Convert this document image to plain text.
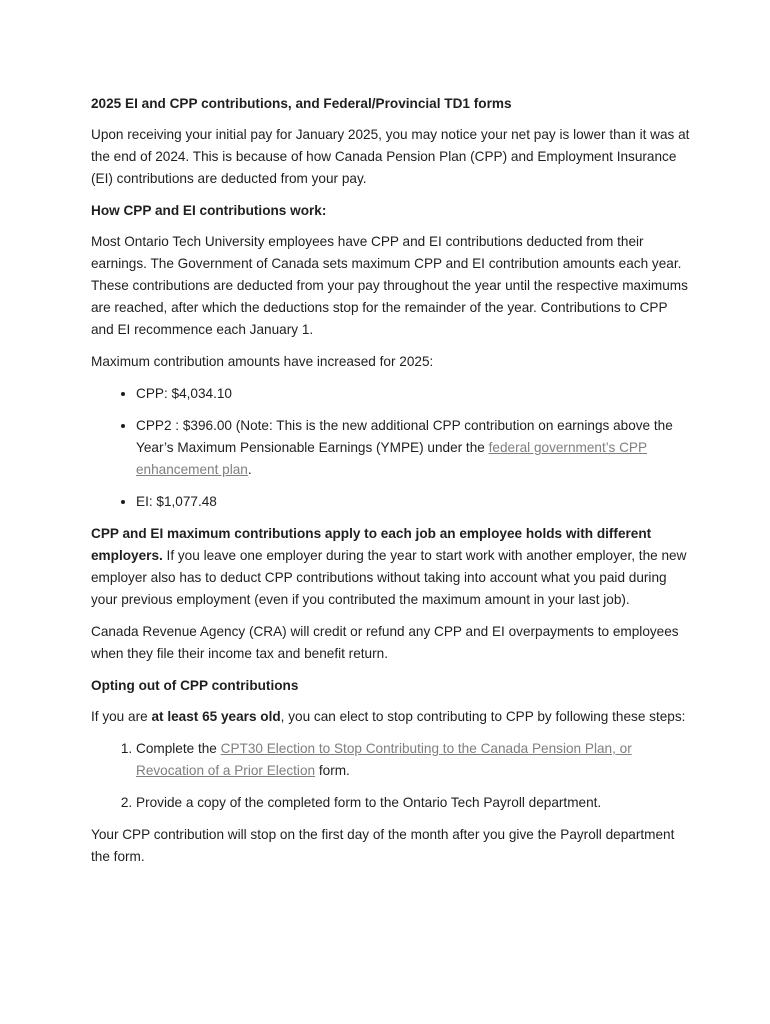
2025 EI and CPP contributions, and Federal/Provincial TD1 forms

Upon receiving your initial pay for January 2025, you may notice your net pay is lower than it was at the end of 2024. This is because of how Canada Pension Plan (CPP) and Employment Insurance (EI) contributions are deducted from your pay.

How CPP and EI contributions work:

Most Ontario Tech University employees have CPP and EI contributions deducted from their earnings. The Government of Canada sets maximum CPP and EI contribution amounts each year. These contributions are deducted from your pay throughout the year until the respective maximums are reached, after which the deductions stop for the remainder of the year. Contributions to CPP and EI recommence each January 1.

Maximum contribution amounts have increased for 2025:

• CPP: $4,034.10
• CPP2 : $396.00 (Note: This is the new additional CPP contribution on earnings above the Year’s Maximum Pensionable Earnings (YMPE) under the federal government’s CPP enhancement plan.
• EI: $1,077.48

CPP and EI maximum contributions apply to each job an employee holds with different employers. If you leave one employer during the year to start work with another employer, the new employer also has to deduct CPP contributions without taking into account what you paid during your previous employment (even if you contributed the maximum amount in your last job).

Canada Revenue Agency (CRA) will credit or refund any CPP and EI overpayments to employees when they file their income tax and benefit return.

Opting out of CPP contributions

If you are at least 65 years old, you can elect to stop contributing to CPP by following these steps:

1. Complete the CPT30 Election to Stop Contributing to the Canada Pension Plan, or Revocation of a Prior Election form.
2. Provide a copy of the completed form to the Ontario Tech Payroll department.

Your CPP contribution will stop on the first day of the month after you give the Payroll department the form.
